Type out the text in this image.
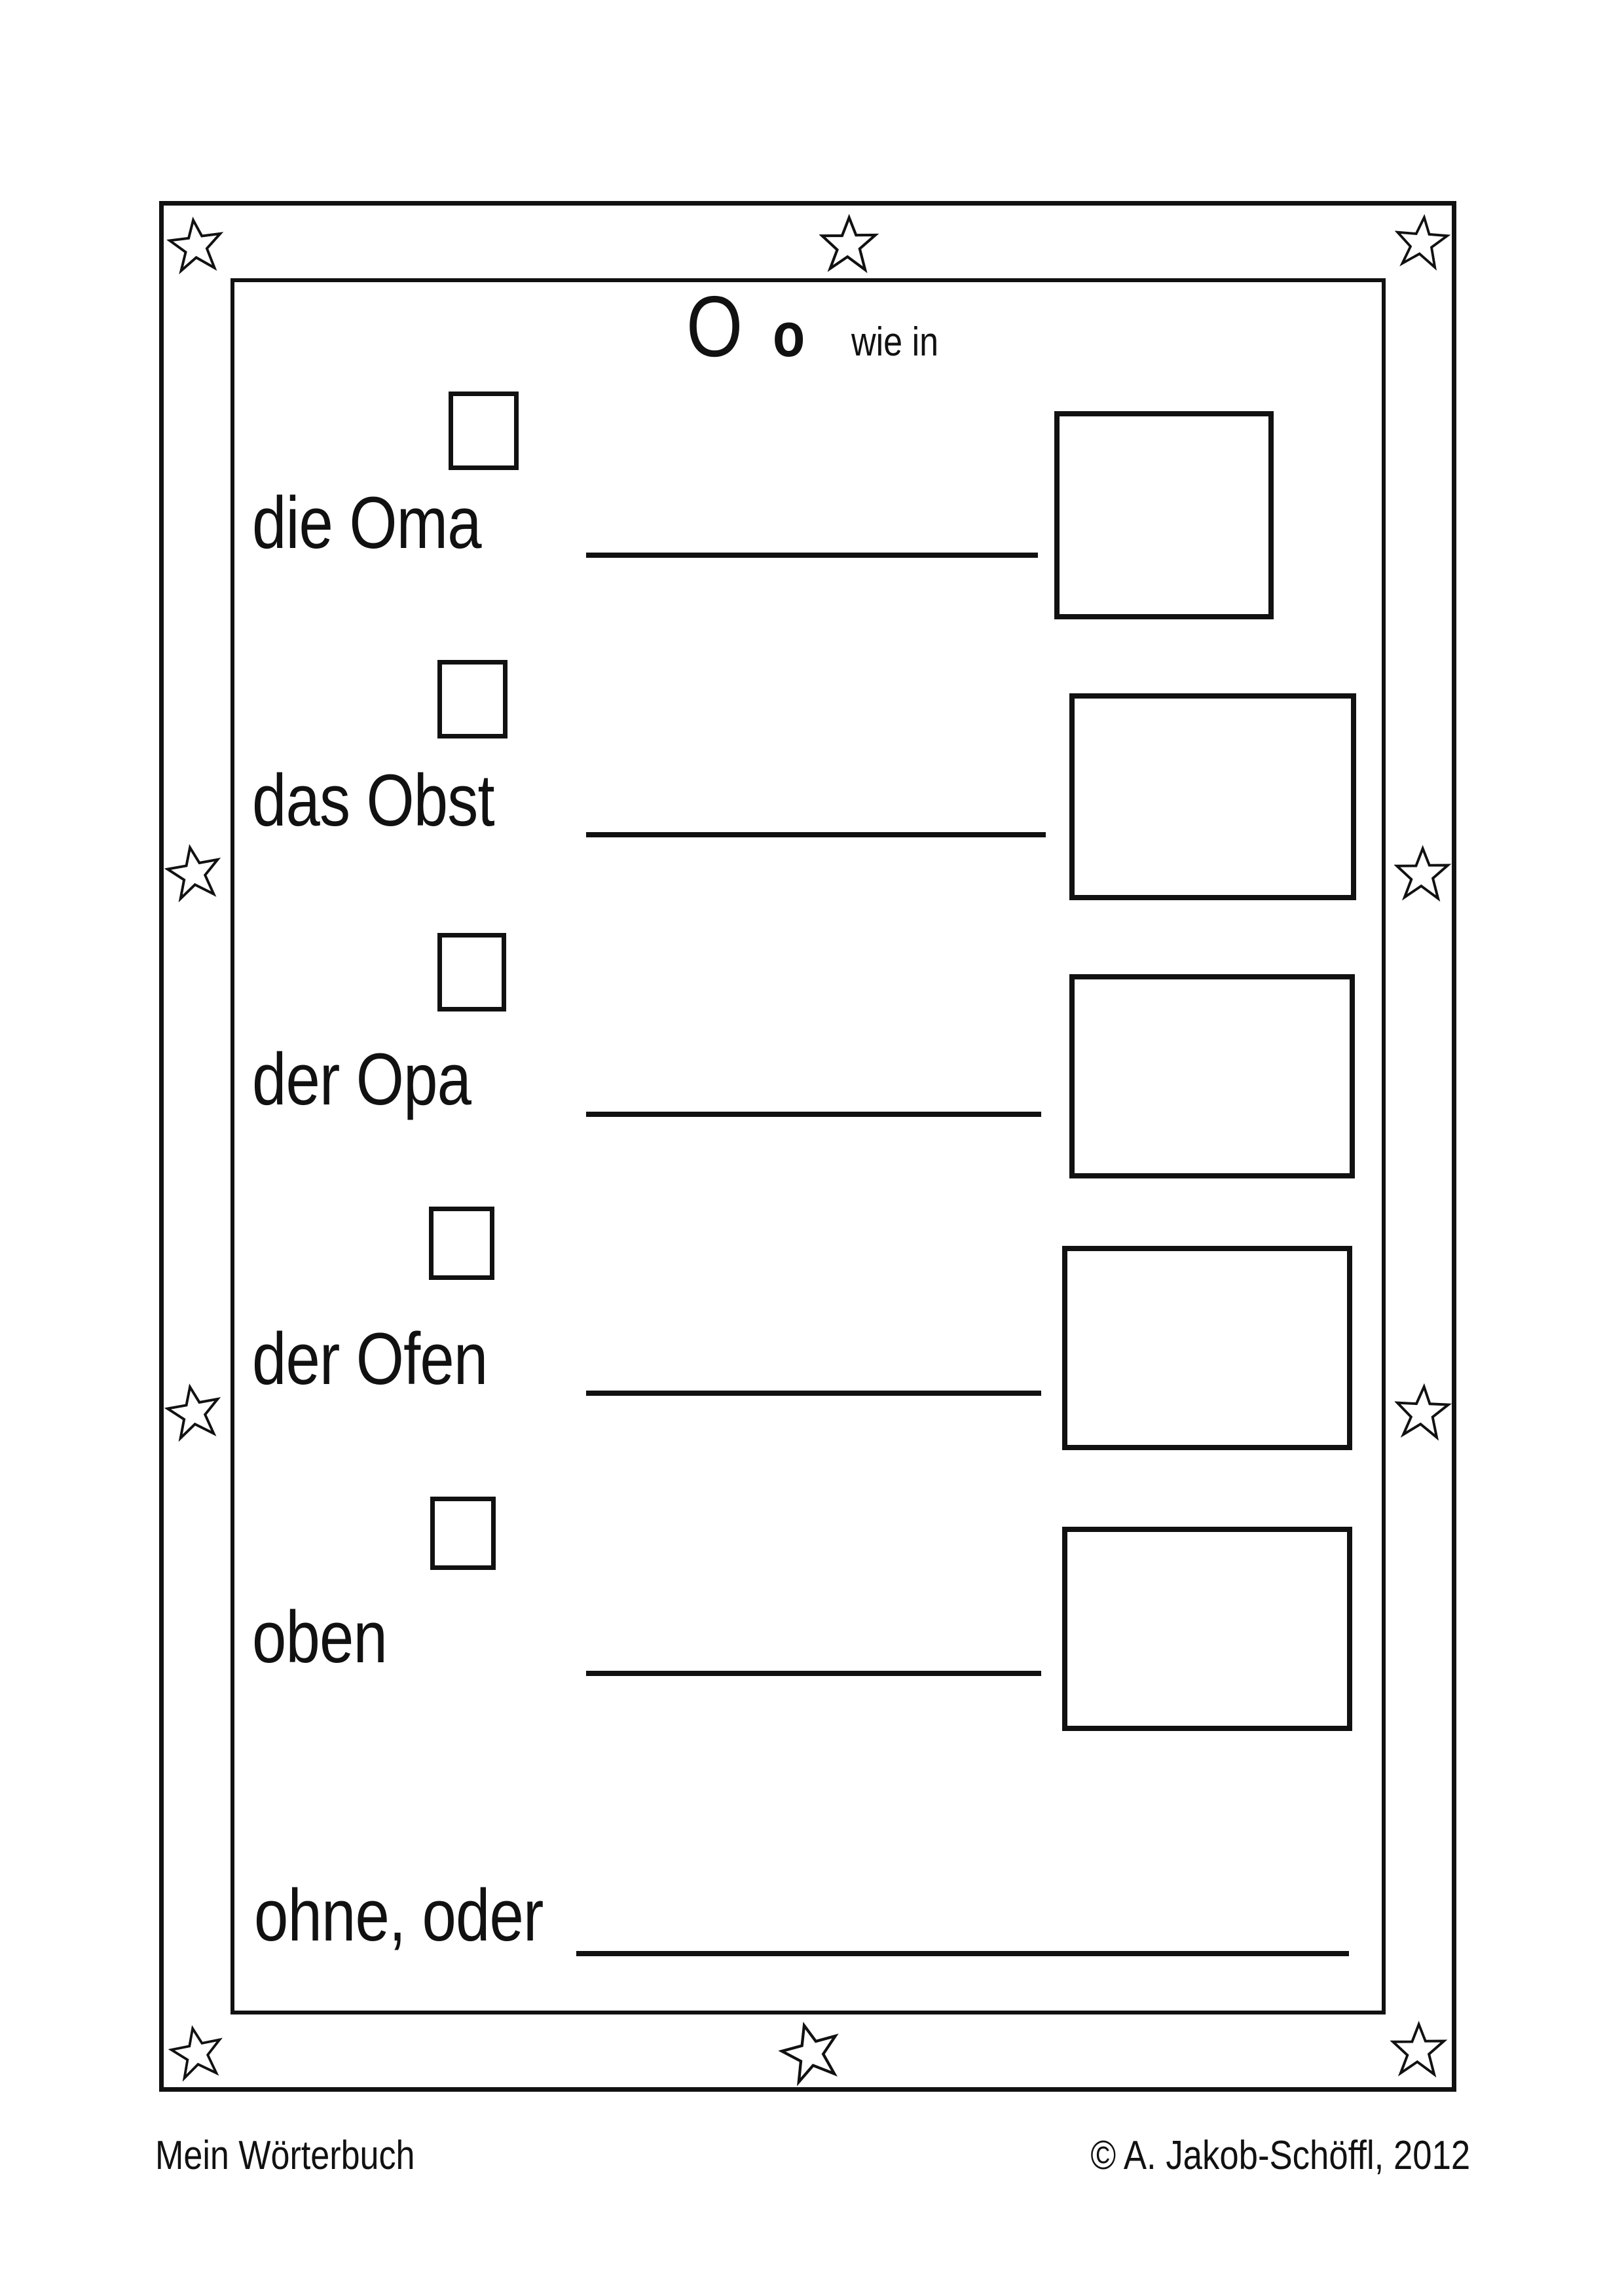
O o wie in
die Oma
das Obst
der Opa
der Ofen
oben
ohne, oder
Mein Wörterbuch	© A. Jakob-Schöffl, 2012
